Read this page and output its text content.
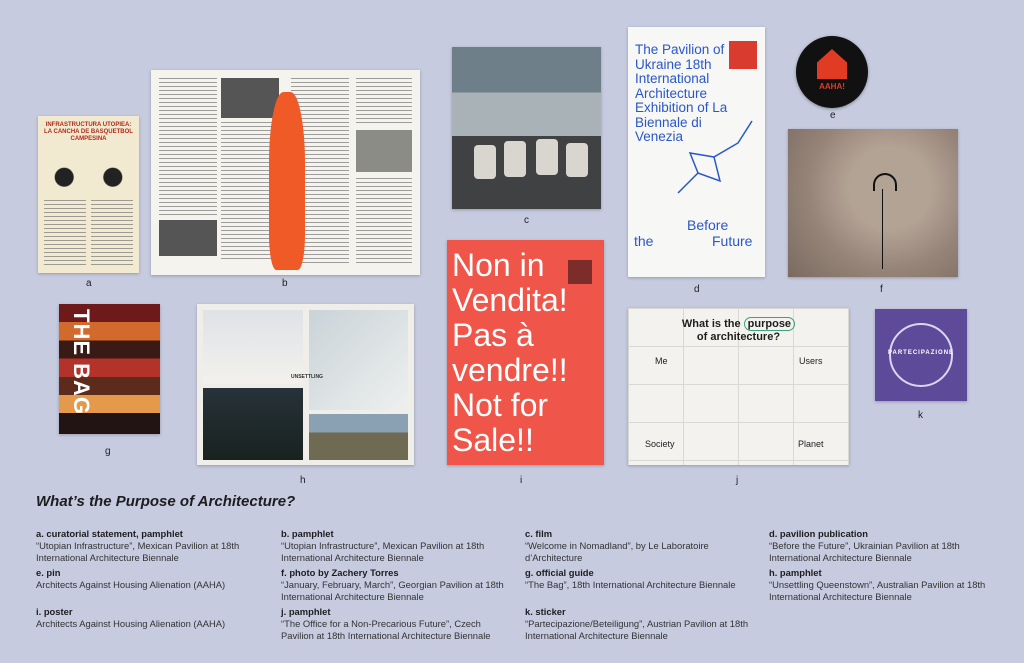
INFRASTRUCTURA UTOPIEA: LA CANCHA DE BASQUETBOL CAMPESINA
a	b
c
The Pavilion of Ukraine 18th International Architecture Exhibition of La Biennale di Venezia
Before
the	Future
d
AAHA!
e
f
THE BAG
g
UNSETTLING
h
Non in Vendita! Pas à vendre!! Not for Sale!!
i
What is the purpose
of architecture?
Me	Users
Society	Planet
j
PARTECIPAZIONE
k
What’s the Purpose of Architecture?
a. curatorial statement, pamphlet
“Utopian Infrastructure”, Mexican Pavilion at 18th International Architecture Biennale
b. pamphlet
“Utopian Infrastructure”, Mexican Pavilion at 18th International Architecture Biennale
c. film
“Welcome in Nomadland”, by Le Laboratoire d’Architecture
d. pavilion publication
“Before the Future”, Ukrainian Pavilion at 18th International Architecture Biennale
e. pin
Architects Against Housing Alienation (AAHA)
f. photo by Zachery Torres
“January, February, March”, Georgian Pavilion at 18th International Architecture Biennale
g. official guide
“The Bag”, 18th International Architecture Biennale
h. pamphlet
“Unsettling Queenstown”, Australian Pavilion at 18th International Architecture Biennale
i. poster
Architects Against Housing Alienation (AAHA)
j. pamphlet
“The Office for a Non-Precarious Future”, Czech Pavilion at 18th International Architecture Biennale
k. sticker
“Partecipazione/Beteiligung”, Austrian Pavilion at 18th International Architecture Biennale
